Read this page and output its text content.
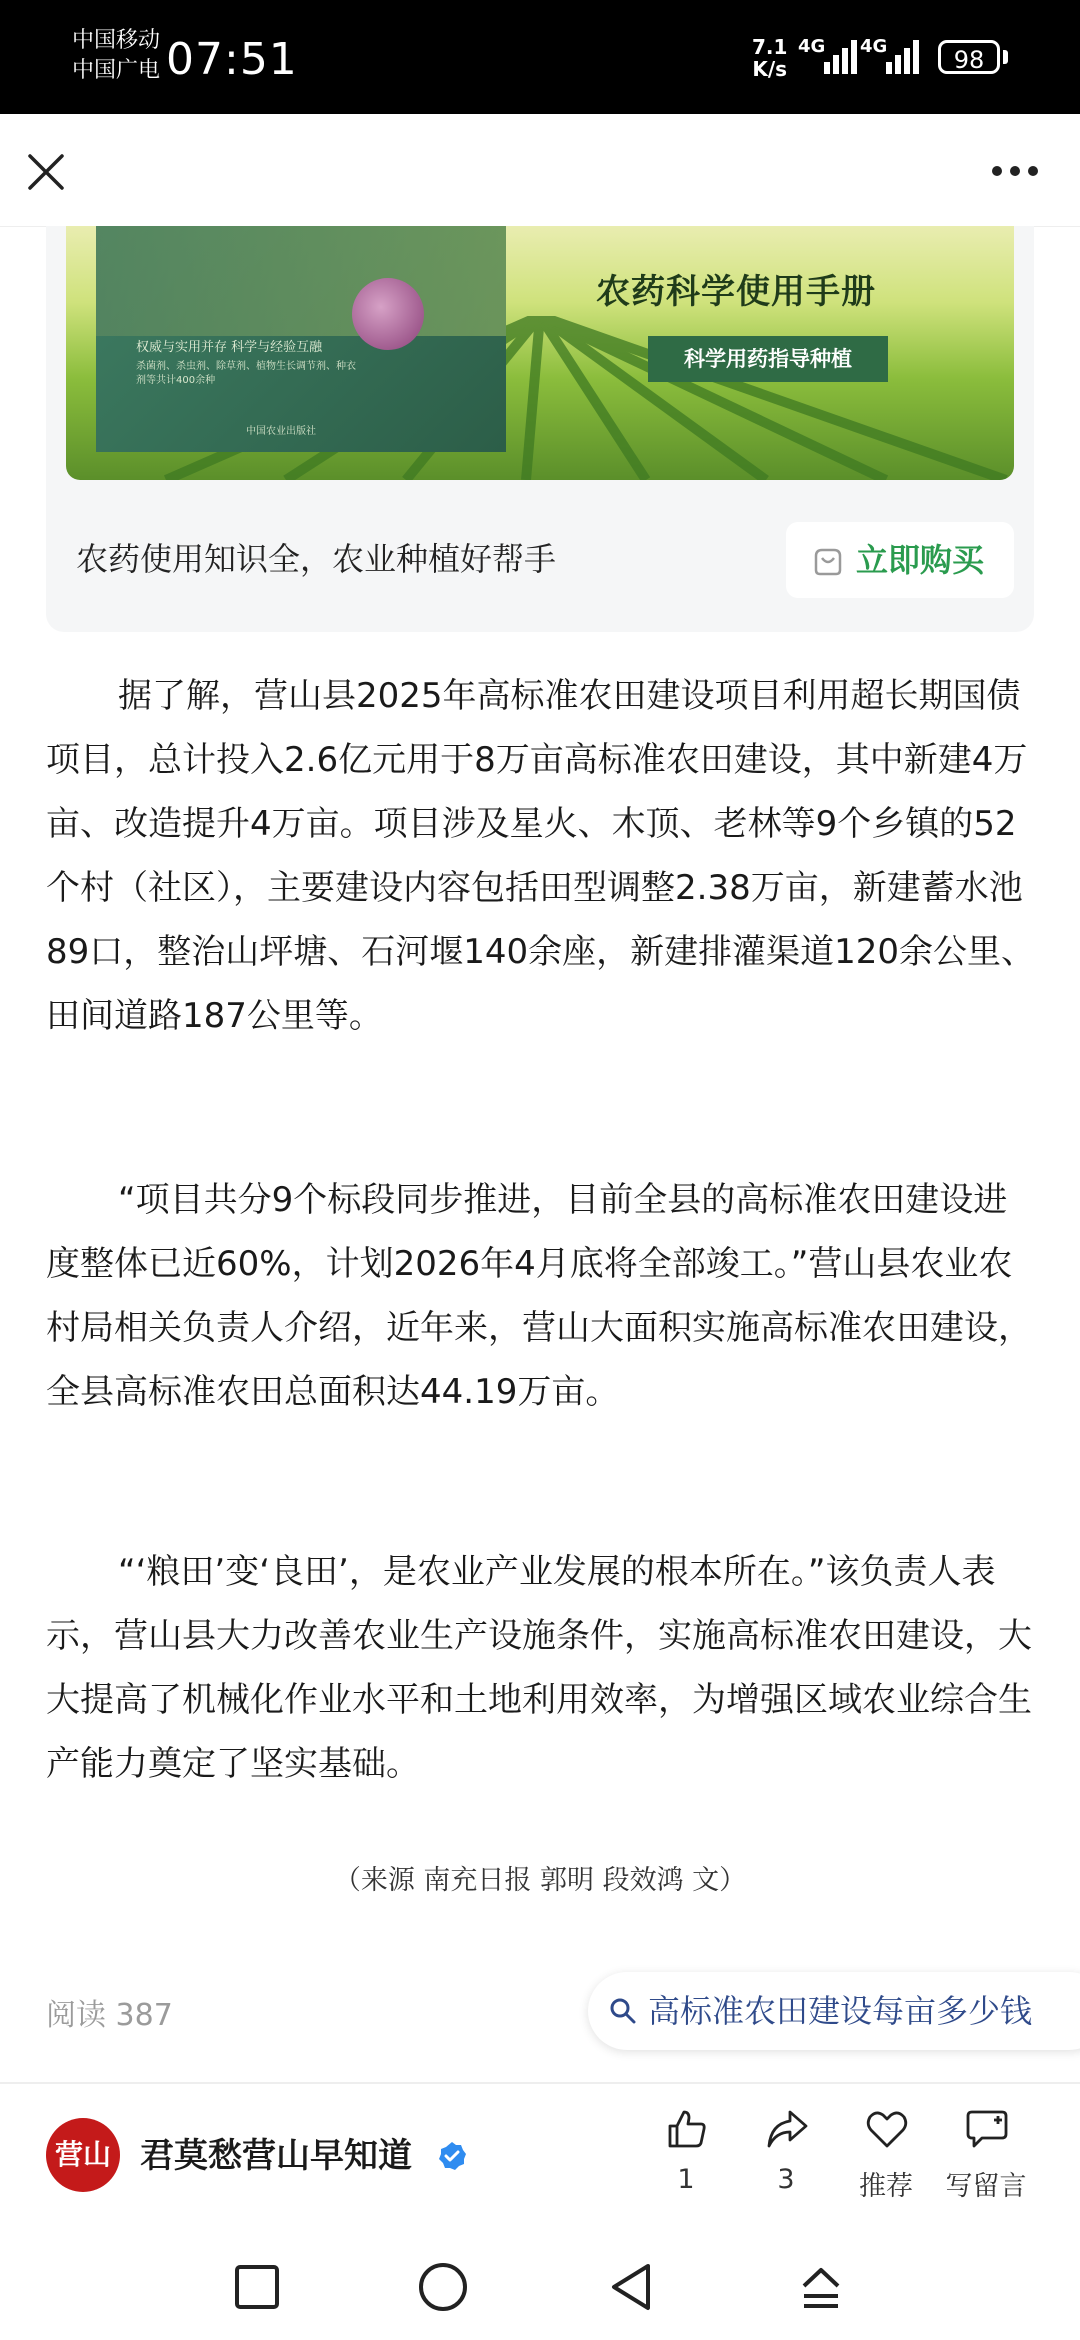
中国移动
中国广电 07:51	7.1
K/s
4G 4G	98
权威与实用并存 科学与经验互融
杀菌剂、杀虫剂、除草剂、植物生长调节剂、种衣剂等共计400余种
中国农业出版社
农药科学使用手册
科学用药指导种植
农药使用知识全，农业种植好帮手	立即购买

据了解，营山县2025年高标准农田建设项目利用超长期国债项目，总计投入2.6亿元用于8万亩高标准农田建设，其中新建4万亩、改造提升4万亩。项目涉及星火、木顶、老林等9个乡镇的52个村（社区），主要建设内容包括田型调整2.38万亩，新建蓄水池89口，整治山坪塘、石河堰140余座，新建排灌渠道120余公里、田间道路187公里等。

“项目共分9个标段同步推进，目前全县的高标准农田建设进度整体已近60%，计划2026年4月底将全部竣工。”营山县农业农村局相关负责人介绍，近年来，营山大面积实施高标准农田建设，全县高标准农田总面积达44.19万亩。

“‘粮田’变‘良田’，是农业产业发展的根本所在。”该负责人表示，营山县大力改善农业生产设施条件，实施高标准农田建设，大大提高了机械化作业水平和土地利用效率，为增强区域农业综合生产能力奠定了坚实基础。

（来源 南充日报 郭明 段效鸿 文）
阅读 387	高标准农田建设每亩多少钱
营山 君莫愁营山早知道
1	3	推荐	写留言
